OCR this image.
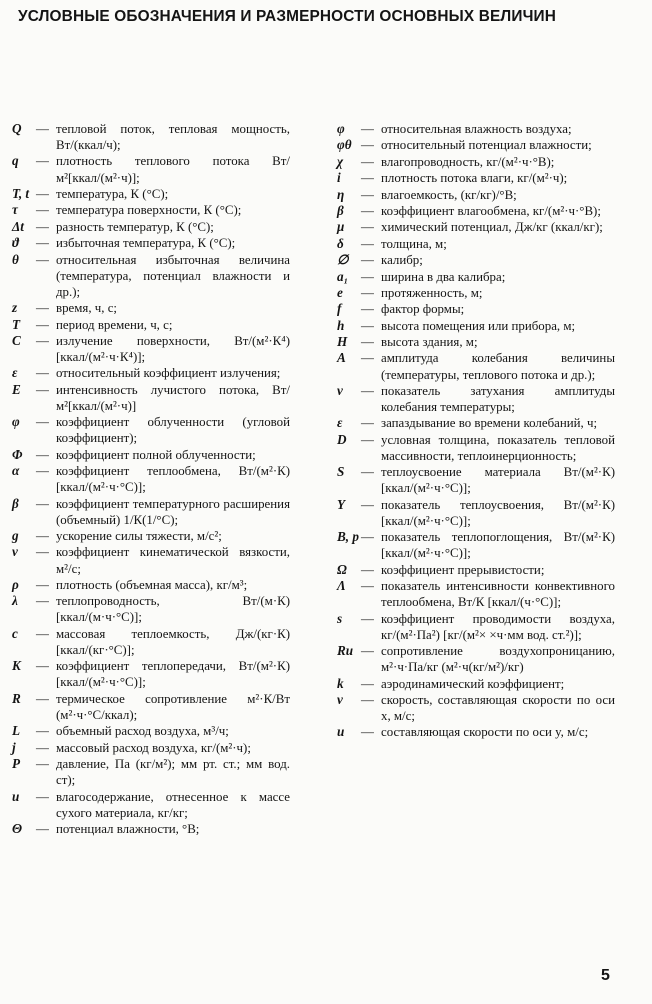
УСЛОВНЫЕ ОБОЗНАЧЕНИЯ И РАЗМЕРНОСТИ ОСНОВНЫХ ВЕЛИЧИН
Q	— тепловой поток, тепловая мощность, Вт/(ккал/ч);
q	— плотность теплового потока Вт/м²[ккал/(м²·ч)];
T, t — температура, К (°С);
τ	— температура поверхности, К (°С);
Δt — разность температур, К (°С);
ϑ	— избыточная температура, К (°С);
θ	— относительная избыточная величина (температура, потенциал влажности и др.);
z	— время, ч, с;
T	— период времени, ч, с;
C	— излучение поверхности, Вт/(м²·К⁴) [ккал/(м²·ч·К⁴)];
ε	— относительный коэффициент излучения;
E	— интенсивность лучистого потока, Вт/м²[ккал/(м²·ч)]
φ	— коэффициент облученности (угловой коэффициент);
Φ	— коэффициент полной облученности;
α	— коэффициент теплообмена, Вт/(м²·К) [ккал/(м²·ч·°С)];
β	— коэффициент температурного расширения (объемный) 1/К(1/°С);
g	— ускорение силы тяжести, м/с²;
ν	— коэффициент кинематической вязкости, м²/с;
ρ	— плотность (объемная масса), кг/м³;
λ	— теплопроводность, Вт/(м·К) [ккал/(м·ч·°С)];
c	— массовая теплоемкость, Дж/(кг·К) [ккал/(кг·°С)];
K	— коэффициент теплопередачи, Вт/(м²·К) [ккал/(м²·ч·°С)];
R	— термическое сопротивление м²·К/Вт (м²·ч·°С/ккал);
L	— объемный расход воздуха, м³/ч;
j	— массовый расход воздуха, кг/(м²·ч);
P	— давление, Па (кг/м²); мм рт. ст.; мм вод. ст);
u	— влагосодержание, отнесенное к массе сухого материала, кг/кг;
Θ	— потенциал влажности, °В;
φ	— относительная влажность воздуха;
φθ — относительный потенциал влажности;
χ	— влагопроводность, кг/(м²·ч·°В);
i	— плотность потока влаги, кг/(м²·ч);
η	— влагоемкость, (кг/кг)/°В;
β	— коэффициент влагообмена, кг/(м²·ч·°В);
μ	— химический потенциал, Дж/кг (ккал/кг);
δ	— толщина, м;
∅ — калибр;
a₁ — ширина в два калибра;
e	— протяженность, м;
f	— фактор формы;
h	— высота помещения или прибора, м;
H	— высота здания, м;
A	— амплитуда колебания величины (температуры, теплового потока и др.);
ν	— показатель затухания амплитуды колебания температуры;
ε	— запаздывание во времени колебаний, ч;
D	— условная толщина, показатель тепловой массивности, теплоинерционность;
S	— теплоусвоение материала Вт/(м²·К) [ккал/(м²·ч·°С)];
Y	— показатель теплоусвоения, Вт/(м²·К) [ккал/(м²·ч·°С)];
B, p — показатель теплопоглощения, Вт/(м²·К)[ккал/(м²·ч·°С)];
Ω	— коэффициент прерывистости;
Λ	— показатель интенсивности конвективного теплообмена, Вт/К [ккал/(ч·°С)];
s	— коэффициент проводимости воздуха, кг/(м²·Па²) [кг/(м²× ×ч·мм вод. ст.²)];
Rи — сопротивление воздухопроницанию, м²·ч·Па/кг (м²·ч(кг/м²)/кг)
k	— аэродинамический коэффициент;
v	— скорость, составляющая скорости по оси x, м/с;
u	— составляющая скорости по оси y, м/с;
5
